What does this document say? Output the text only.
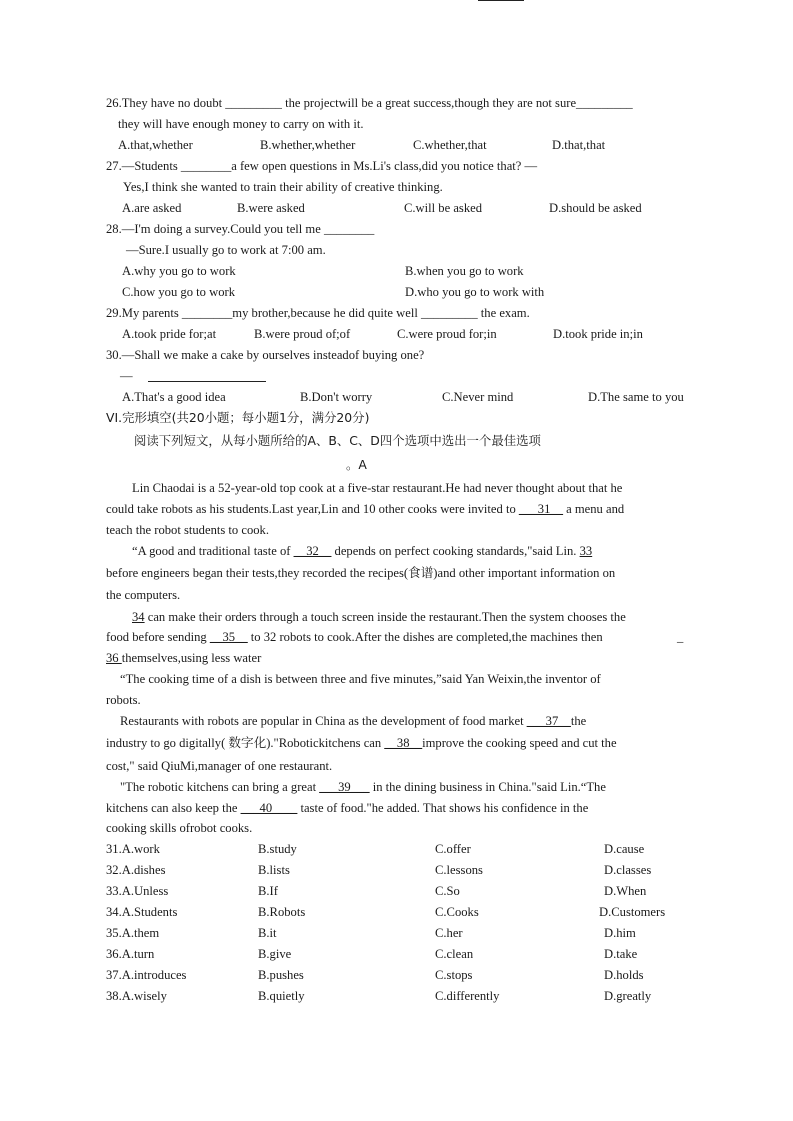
26.They have no doubt _________ the projectwill be a great success,though they are not sure_________
they will have enough money to carry on with it.
A.that,whether	B.whether,whether	C.whether,that	D.that,that
27.—Students ________a few open questions in Ms.Li's class,did you notice that? —
Yes,I think she wanted to train their ability of creative thinking.
A.are asked	B.were asked	C.will be asked	D.should be asked
28.—I'm doing a survey.Could you tell me ________
—Sure.I usually go to work at 7:00 am.
A.why you go to work	B.when you go to work
C.how you go to work	D.who you go to work with
29.My parents ________my brother,because he did quite well _________ the exam.
A.took pride for;at	B.were proud of;of	C.were proud for;in	D.took pride in;in
30.—Shall we make a cake by ourselves insteadof buying one?
—
A.That's a good idea	B.Don't worry	C.Never mind	D.The same to you
VI.完形填空(共20小题；每小题1分，满分20分)
阅读下列短文，从每小题所给的A、B、C、D四个选项中选出一个最佳选项
。A
Lin Chaodai is a 52-year-old top cook at a five-star restaurant.He had never thought about that he
could take robots as his students.Last year,Lin and 10 other cooks were invited to ___31__ a menu and
teach the robot students to cook.
“A good and traditional taste of __32__ depends on perfect cooking standards,"said Lin. 33
before engineers began their tests,they recorded the recipes(食谱)and other important information on
the computers.
34 can make their orders through a touch screen inside the restaurant.Then the system chooses the
food before sending __35__ to 32 robots to cook.After the dishes are completed,the machines then	_
36 themselves,using less water
“The cooking time of a dish is between three and five minutes,”said Yan Weixin,the inventor of
robots.
Restaurants with robots are popular in China as the development of food market ___37__the
industry to go digitally( 数字化)."Robotickitchens can __38__improve the cooking speed and cut the
cost," said QiuMi,manager of one restaurant.
"The robotic kitchens can bring a great ___39___ in the dining business in China."said Lin.“The
kitchens can also keep the ___40____ taste of food."he added. That shows his confidence in the
cooking skills ofrobot cooks.
31.A.work	B.study	C.offer	D.cause
32.A.dishes	B.lists	C.lessons	D.classes
33.A.Unless	B.If	C.So	D.When
34.A.Students	B.Robots	C.Cooks	D.Customers
35.A.them	B.it	C.her	D.him
36.A.turn	B.give	C.clean	D.take
37.A.introduces	B.pushes	C.stops	D.holds
38.A.wisely	B.quietly	C.differently	D.greatly
